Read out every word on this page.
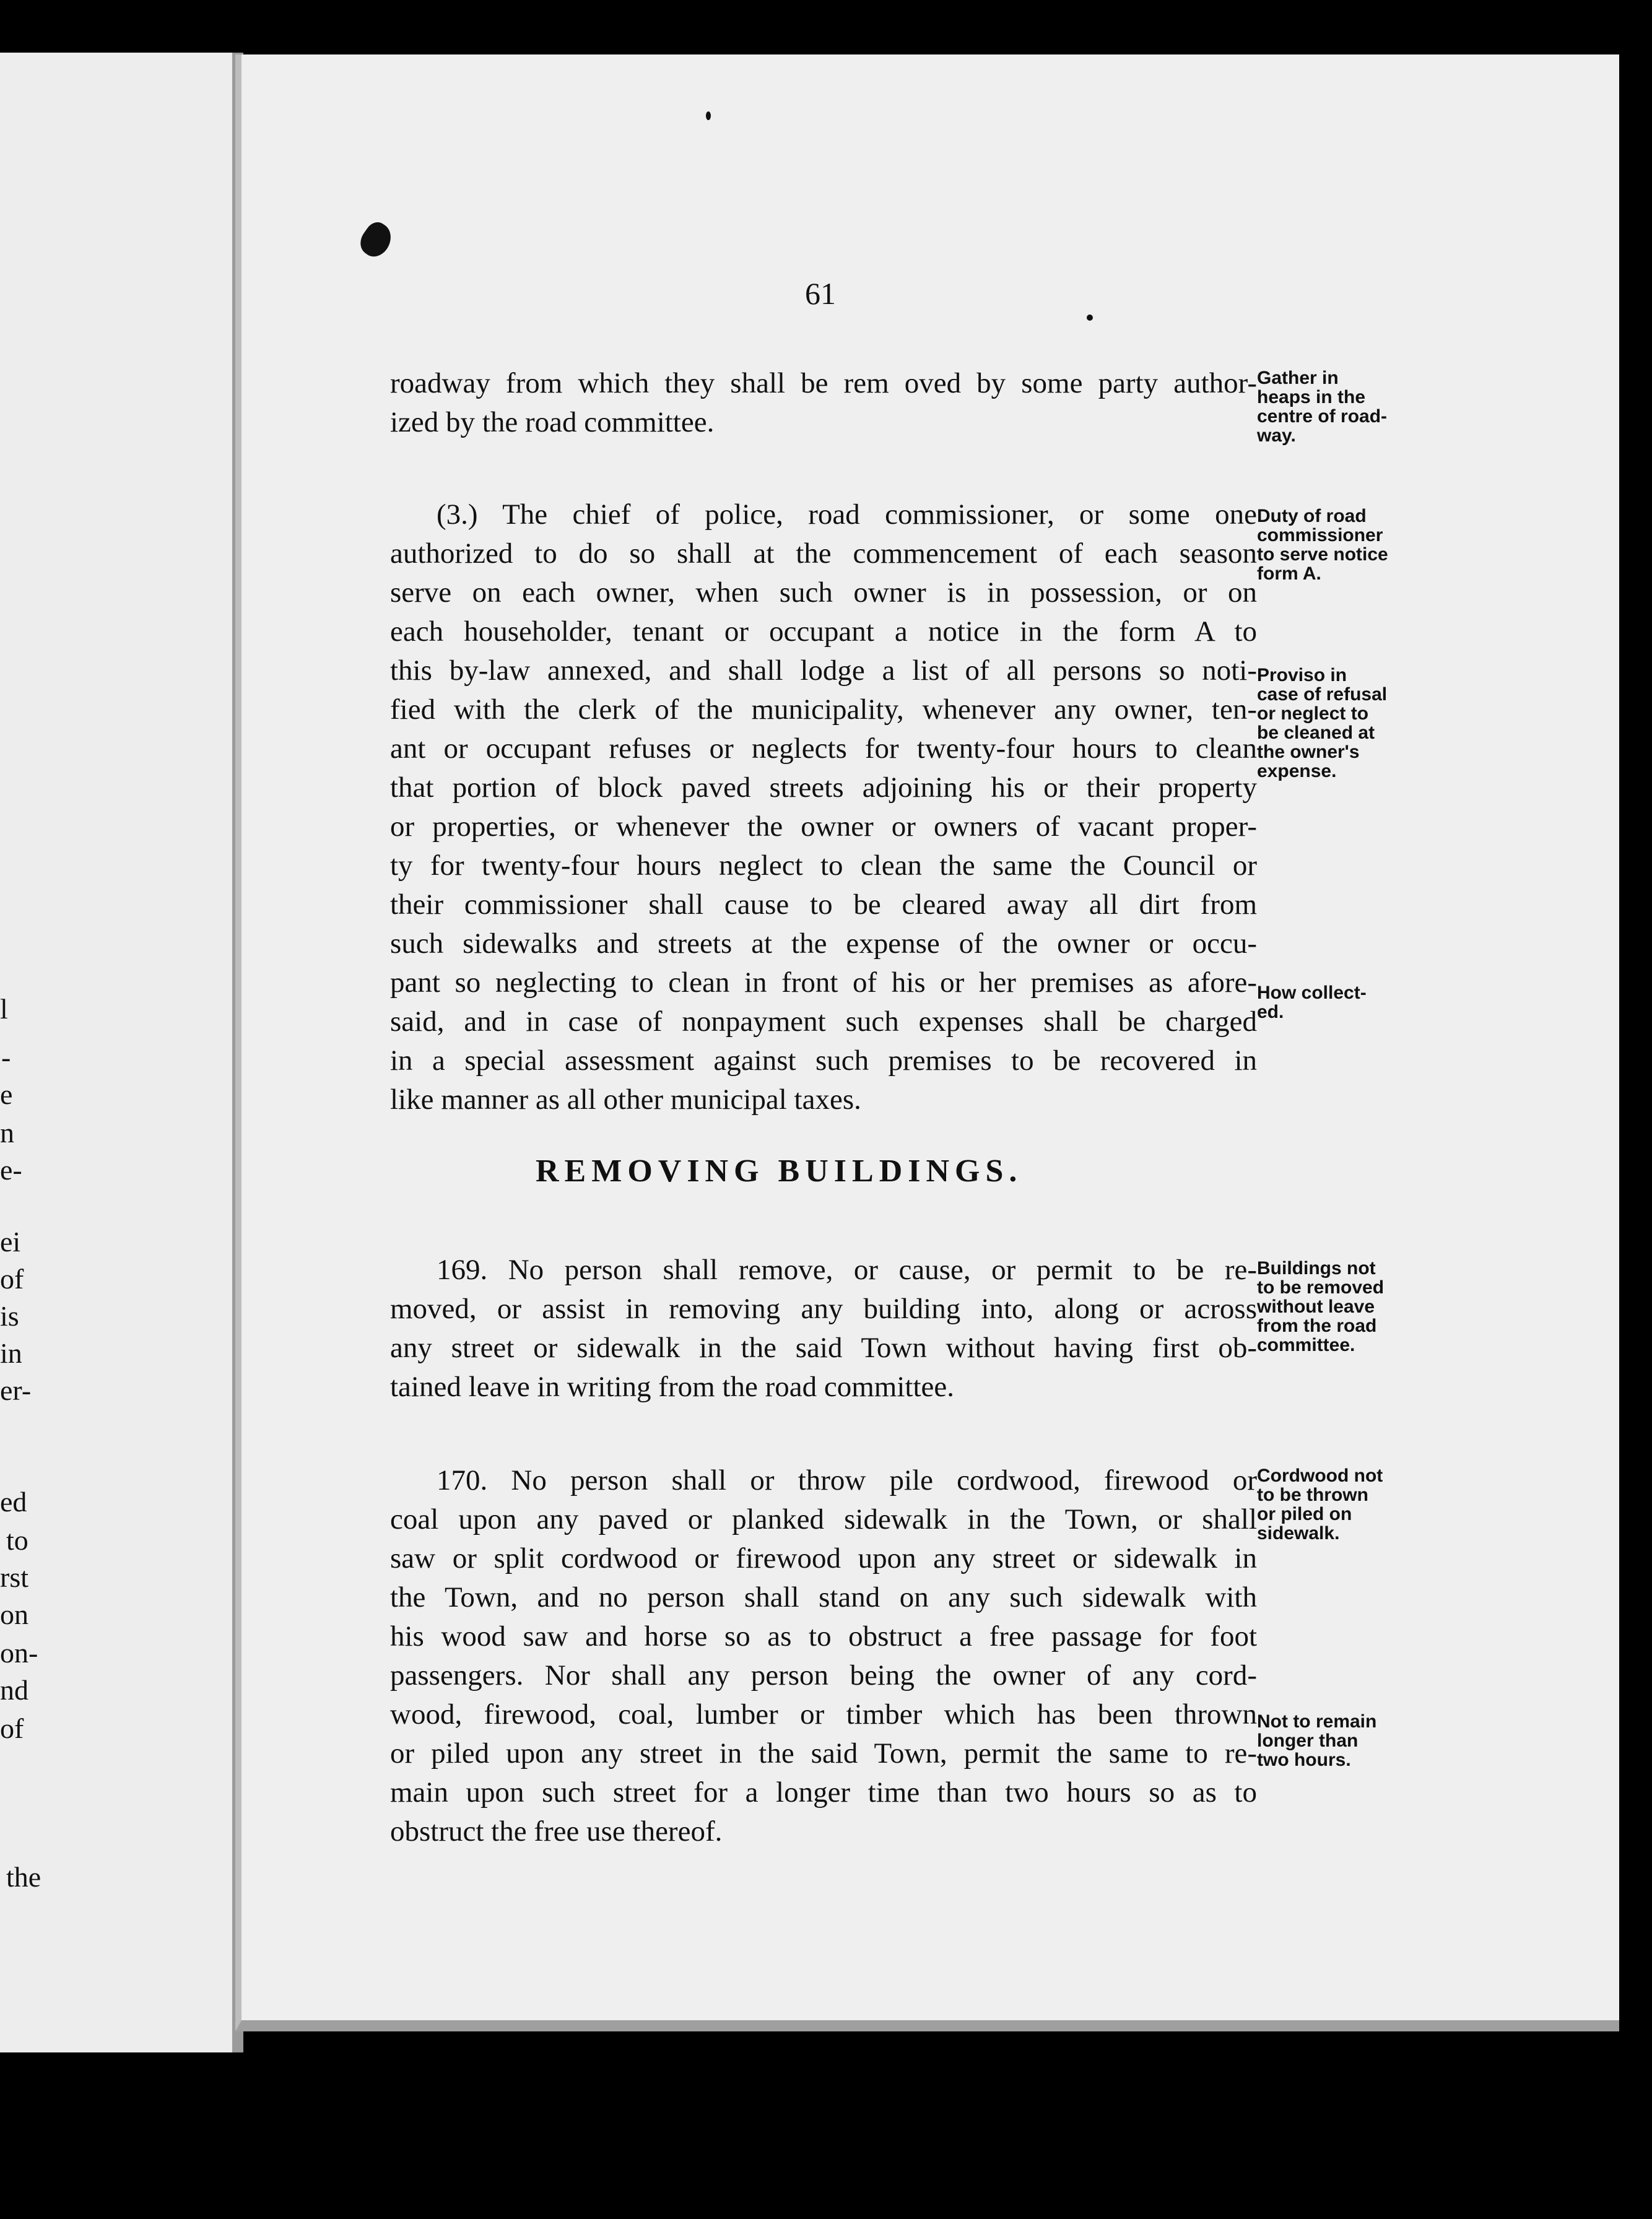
l
-
e
n
e-
ei
of
is
in
er-
ed
to
rst
on
on-
nd
of
the
61

roadway from which they shall be rem oved by some party author-
ized by the road committee.

(3.) The chief of police, road commissioner, or some one
authorized to do so shall at the commencement of each season
serve on each owner, when such owner is in possession, or on
each householder, tenant or occupant a notice in the form A to
this by-law annexed, and shall lodge a list of all persons so noti-
fied with the clerk of the municipality, whenever any owner, ten-
ant or occupant refuses or neglects for twenty-four hours to clean
that portion of block paved streets adjoining his or their property
or properties, or whenever the owner or owners of vacant proper-
ty for twenty-four hours neglect to clean the same the Council or
their commissioner shall cause to be cleared away all dirt from
such sidewalks and streets at the expense of the owner or occu-
pant so neglecting to clean in front of his or her premises as afore-
said, and in case of nonpayment such expenses shall be charged
in a special assessment against such premises to be recovered in
like manner as all other municipal taxes.

REMOVING BUILDINGS.

169. No person shall remove, or cause, or permit to be re-
moved, or assist in removing any building into, along or across
any street or sidewalk in the said Town without having first ob-
tained leave in writing from the road committee.

170. No person shall or throw pile cordwood, firewood or
coal upon any paved or planked sidewalk in the Town, or shall
saw or split cordwood or firewood upon any street or sidewalk in
the Town, and no person shall stand on any such sidewalk with
his wood saw and horse so as to obstruct a free passage for foot
passengers. Nor shall any person being the owner of any cord-
wood, firewood, coal, lumber or timber which has been thrown
or piled upon any street in the said Town, permit the same to re-
main upon such street for a longer time than two hours so as to
obstruct the free use thereof.

Gather in
heaps in the
centre of road-
way.
Duty of road
commissioner
to serve notice
form A.
Proviso in
case of refusal
or neglect to
be cleaned at
the owner's
expense.
How collect-
ed.
Buildings not
to be removed
without leave
from the road
committee.
Cordwood not
to be thrown
or piled on
sidewalk.
Not to remain
longer than
two hours.
